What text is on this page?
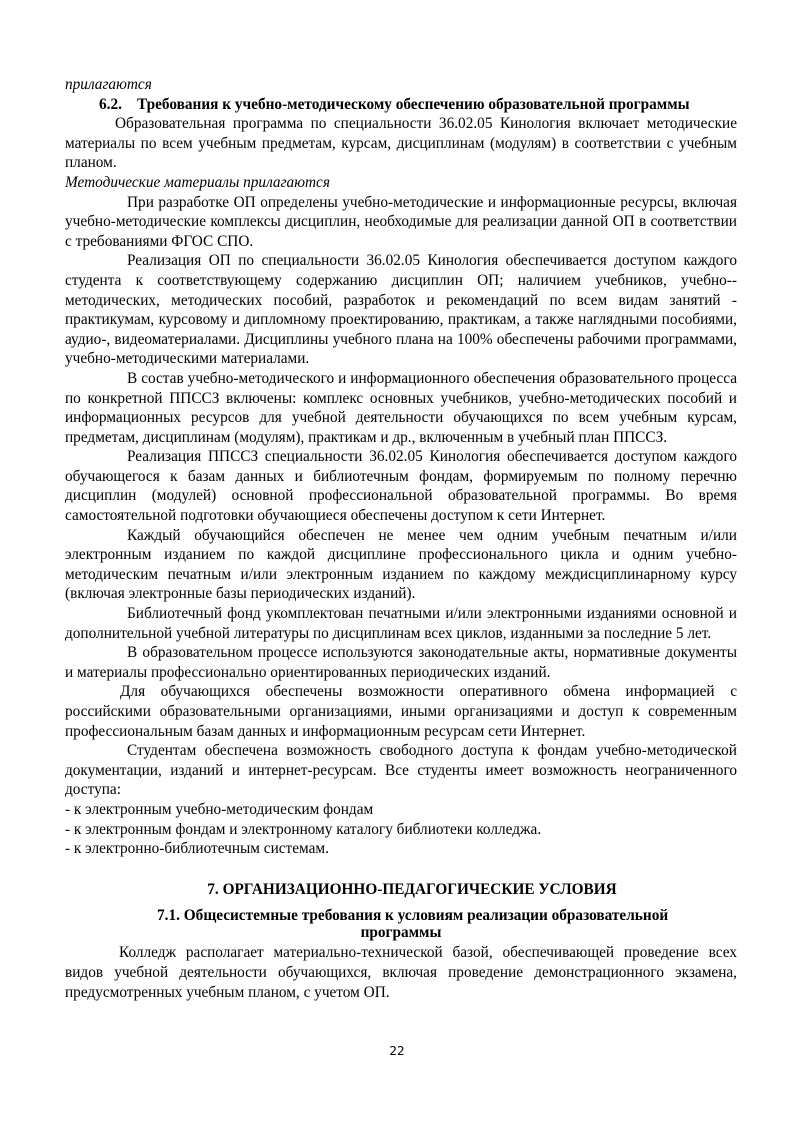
прилагаются

6.2. Требования к учебно-методическому обеспечению образовательной программы

Образовательная программа по специальности 36.02.05 Кинология включает методические материалы по всем учебным предметам, курсам, дисциплинам (модулям) в соответствии с учебным планом.

Методические материалы прилагаются

При разработке ОП определены учебно-методические и информационные ресурсы, включая учебно-методические комплексы дисциплин, необходимые для реализации данной ОП в соответствии с требованиями ФГОС СПО.

Реализация ОП по специальности 36.02.05 Кинология обеспечивается доступом каждого студента к соответствующему содержанию дисциплин ОП; наличием учебников, учебно--методических, методических пособий, разработок и рекомендаций по всем видам занятий - практикумам, курсовому и дипломному проектированию, практикам, а также наглядными пособиями, аудио-, видеоматериалами. Дисциплины учебного плана на 100% обеспечены рабочими программами, учебно-методическими материалами.

В состав учебно-методического и информационного обеспечения образовательного процесса по конкретной ППССЗ включены: комплекс основных учебников, учебно-методических пособий и информационных ресурсов для учебной деятельности обучающихся по всем учебным курсам, предметам, дисциплинам (модулям), практикам и др., включенным в учебный план ППССЗ.

Реализация ППССЗ специальности 36.02.05 Кинология обеспечивается доступом каждого обучающегося к базам данных и библиотечным фондам, формируемым по полному перечню дисциплин (модулей) основной профессиональной образовательной программы. Во время самостоятельной подготовки обучающиеся обеспечены доступом к сети Интернет.

Каждый обучающийся обеспечен не менее чем одним учебным печатным и/или электронным изданием по каждой дисциплине профессионального цикла и одним учебно-методическим печатным и/или электронным изданием по каждому междисциплинарному курсу (включая электронные базы периодических изданий).

Библиотечный фонд укомплектован печатными и/или электронными изданиями основной и дополнительной учебной литературы по дисциплинам всех циклов, изданными за последние 5 лет.

В образовательном процессе используются законодательные акты, нормативные документы и материалы профессионально ориентированных периодических изданий.

Для обучающихся обеспечены возможности оперативного обмена информацией с российскими образовательными организациями, иными организациями и доступ к современным профессиональным базам данных и информационным ресурсам сети Интернет.

Студентам обеспечена возможность свободного доступа к фондам учебно-методической документации, изданий и интернет-ресурсам. Все студенты имеет возможность неограниченного доступа:

- к электронным учебно-методическим фондам

- к электронным фондам и электронному каталогу библиотеки колледжа.

- к электронно-библиотечным системам.

7. ОРГАНИЗАЦИОННО-ПЕДАГОГИЧЕСКИЕ УСЛОВИЯ

7.1. Общесистемные требования к условиям реализации образовательной
программы

Колледж располагает материально-технической базой, обеспечивающей проведение всех видов учебной деятельности обучающихся, включая проведение демонстрационного экзамена, предусмотренных учебным планом, с учетом ОП.

22
